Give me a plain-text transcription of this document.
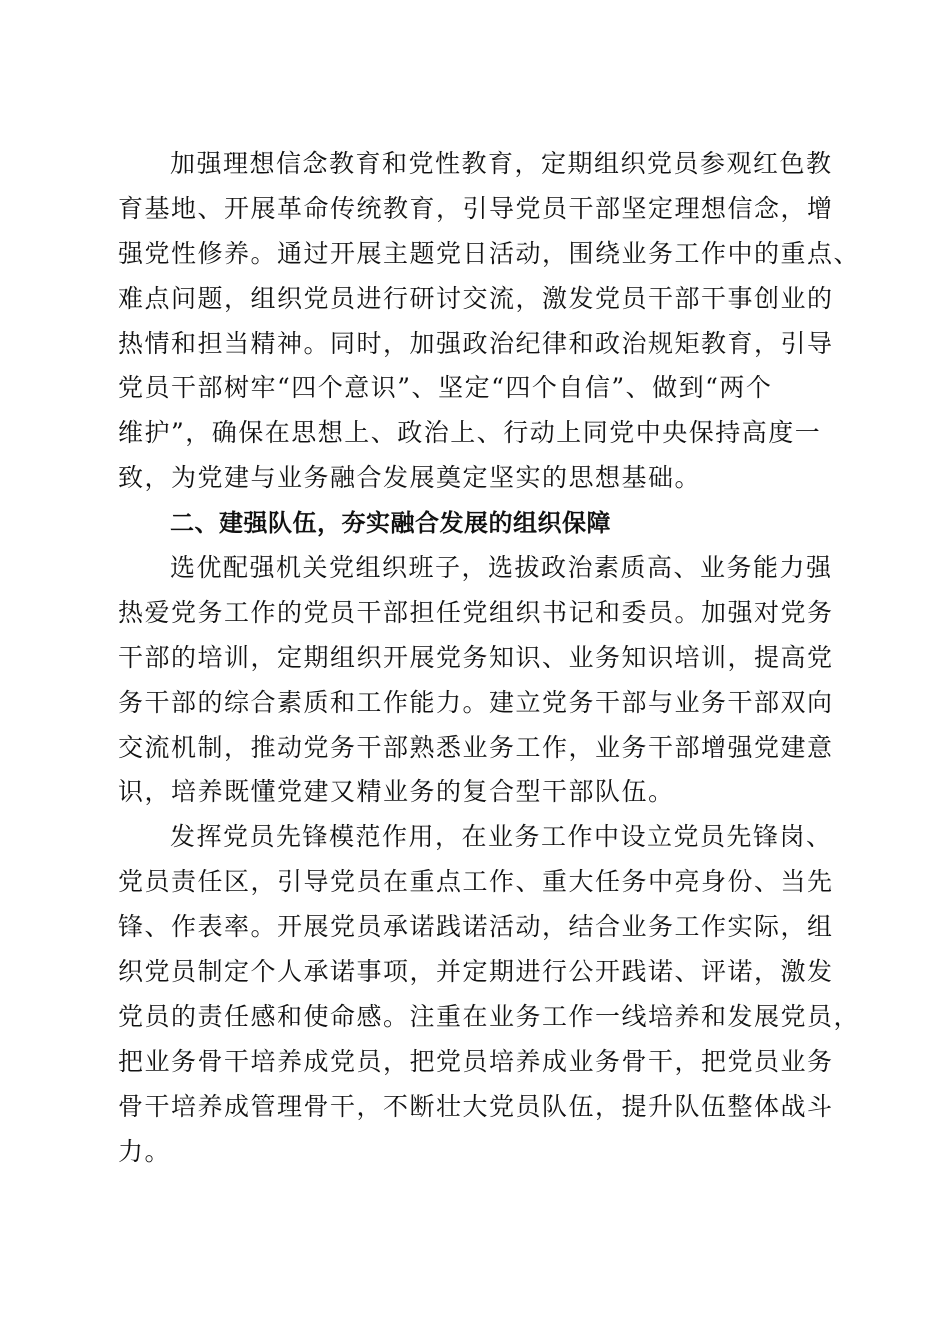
加强理想信念教育和党性教育，定期组织党员参观红色教
育基地、开展革命传统教育，引导党员干部坚定理想信念，增
强党性修养。通过开展主题党日活动，围绕业务工作中的重点、
难点问题，组织党员进行研讨交流，激发党员干部干事创业的
热情和担当精神。同时，加强政治纪律和政治规矩教育，引导
党员干部树牢“四个意识”、坚定“四个自信”、做到“两个
维护”，确保在思想上、政治上、行动上同党中央保持高度一
致，为党建与业务融合发展奠定坚实的思想基础。
二、建强队伍，夯实融合发展的组织保障
选优配强机关党组织班子，选拔政治素质高、业务能力强
热爱党务工作的党员干部担任党组织书记和委员。加强对党务
干部的培训，定期组织开展党务知识、业务知识培训，提高党
务干部的综合素质和工作能力。建立党务干部与业务干部双向
交流机制，推动党务干部熟悉业务工作，业务干部增强党建意
识，培养既懂党建又精业务的复合型干部队伍。
发挥党员先锋模范作用，在业务工作中设立党员先锋岗、
党员责任区，引导党员在重点工作、重大任务中亮身份、当先
锋、作表率。开展党员承诺践诺活动，结合业务工作实际，组
织党员制定个人承诺事项，并定期进行公开践诺、评诺，激发
党员的责任感和使命感。注重在业务工作一线培养和发展党员，
把业务骨干培养成党员，把党员培养成业务骨干，把党员业务
骨干培养成管理骨干，不断壮大党员队伍，提升队伍整体战斗
力。
